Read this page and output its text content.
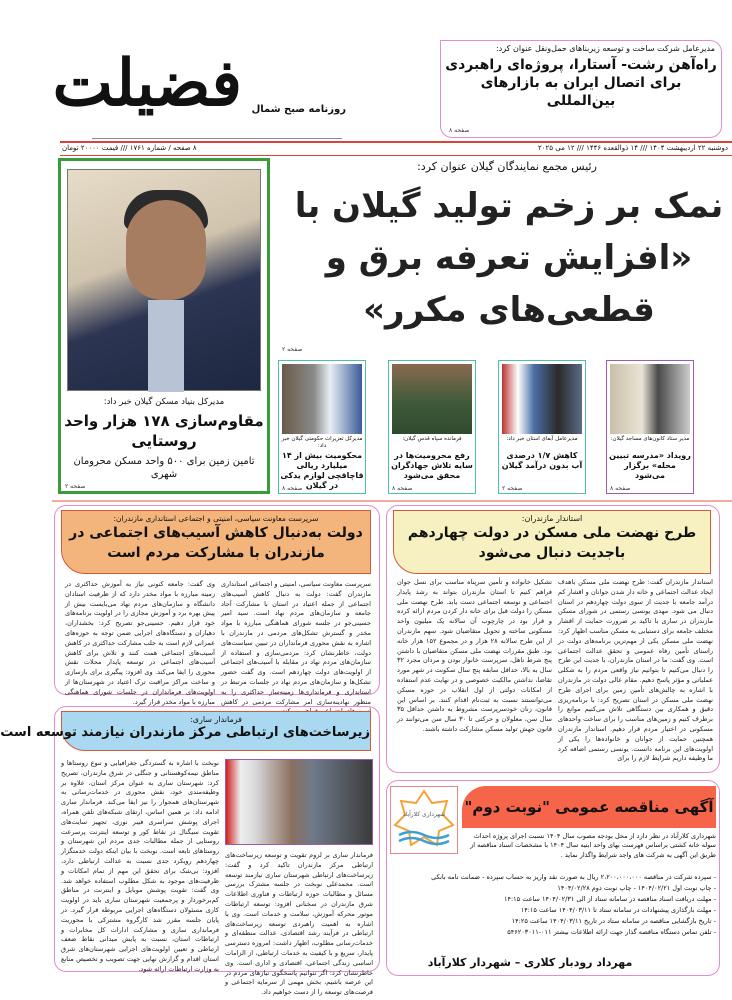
فضیلت روزنامه صبح شمال
مدیرعامل شرکت ساخت و توسعه زیربناهای حمل‌ونقل عنوان کرد:
راه‌آهن رشت- آستارا، پروژه‌ای راهبردی برای اتصال ایران به بازارهای بین‌المللی
صفحه ۸
۸ صفحه / شماره ۱۷۶۱ /// قیمت ۲۰۰۰۰ تومان	دوشنبه ۲۲ اردیبهشت ۱۴۰۴ /// ۱۴ ذوالقعده ۱۴۴۶ /// ۱۲ می ۲۰۲۵
رئیس مجمع نمایندگان گیلان عنوان کرد:
نمک بر زخم تولید گیلان با «افزایش تعرفه برق و قطعی‌های مکرر»
صفحه ۲
مدیرکل بنیاد مسکن گیلان خبر داد:
مقاوم‌سازی ۱۷۸ هزار واحد روستایی
تامین زمین برای ۵۰۰ واحد مسکن محرومان شهری
صفحه ۲
مدیر ستاد کانون‌های مساجد گیلان:
رویداد «مدرسه تبیین محله» برگزار می‌شود
صفحه ۸
مدیرعامل آبفای استان خبر داد:
کاهش ۱/۷ درصدی آب بدون درآمد گیلان
صفحه ۲
فرمانده سپاه قدس گیلان:
رفع محرومیت‌ها در سایه تلاش جهادگران محقق می‌شود
صفحه ۸
مدیرکل تعزیرات حکومتی گیلان خبر داد:
محکومیت بیش از ۱۴ میلیارد ریالی قاچاقچی لوازم یدکی در گیلان
صفحه ۸
استاندار مازندران:
طرح نهضت ملی مسکن در دولت چهاردهم باجدیت دنبال می‌شود
استاندار مازندران گفت: طرح نهضت ملی مسکن باهدف ایجاد عدالت اجتماعی و خانه دار شدن جوانان و اقشار کم درآمد جامعه با جدیت از سوی دولت چهاردهم در استان دنبال می شود. مهدی یونسی رستمی در شورای مسکن مازندران در ساری با تاکید بر ضرورت حمایت از اقشار مختلف جامعه برای دستیابی به مسکن مناسب اظهار کرد: نهضت ملی مسکن یکی از مهم‌ترین برنامه‌های دولت در راستای تأمین رفاه عمومی و تحقق عدالت اجتماعی است. وی گفت: ما در استان مازندران، با جدیت این طرح را دنبال می‌کنیم تا بتوانیم نیاز واقعی مردم را به شکلی عملیاتی و مؤثر پاسخ دهیم. مقام عالی دولت در مازندران با اشاره به چالش‌های تأمین زمین برای اجرای طرح نهضت ملی مسکن در استان تصریح کرد: با برنامه‌ریزی دقیق و همکاری بین دستگاهی تلاش می‌کنیم موانع را برطرف کنیم و زمین‌های مناسب را برای ساخت واحدهای مسکونی در اختیار مردم قرار دهیم. استاندار مازندران همچنین حمایت از جوانان و خانواده‌ها را یکی از اولویت‌های این برنامه دانست. یونسی رستمی اضافه کرد ما وظیفه داریم شرایط لازم را برای
تشکیل خانواده و تأمین سرپناه مناسب برای نسل جوان فراهم کنیم تا استان مازندران بتواند به رشد پایدار اجتماعی و توسعه اجتماعی دست یابد. طرح نهضت ملی مسکن را دولت قبل برای خانه دار کردن مردم ارائه کرده و قرار بود در چارچوب آن سالانه یک میلیون واحد مسکونی ساخته و تحویل متقاضیان شود. سهم مازندران از این طرح سالانه ۲۸ هزار و در مجموع ۱۵۲ هزار خانه بود. طبق مقررات نهضت ملی مسکن متقاضیان با داشتن پنج شرط تاهل، سرپرست خانوار بودن و مردان مجرد ۳۲ سال به بالا، حداقل سابقه پنج سال سکونت در شهر مورد تقاضا، نداشتن مالکیت خصوصی و در نهایت عدم استفاده از امکانات دولتی از اول انقلاب در حوزه مسکن می‌توانستند نسبت به ثبت‌نام اقدام کنند. بر اساس این قانون، زنان خودسرپرست مشروط به داشتن حداقل ۳۵ سال سن، معلولان و حرکتی تا ۳۰ سال سن می‌توانند در قانون جهش تولید مسکن مشارکت داشته باشند.
سرپرست معاونت سیاسی، امنیتی و اجتماعی استانداری مازندران:
دولت به‌دنبال کاهش آسیب‌های اجتماعی در مازندران با مشارکت مردم است
سرپرست معاونت سیاسی، امنیتی و اجتماعی استانداری مازندران گفت: دولت به دنبال کاهش آسیب‌های اجتماعی از جمله اعتیاد در استان با مشارکت آحاد جامعه و سازمان‌های مردم نهاد است. سید امیر حسینی‌جو در جلسه شورای هماهنگی مبارزه با مواد مخدر و گسترش تشکل‌های مردمی در مازندران با اشاره به نقش محوری فرمانداران در تبیین سیاست‌های دولت، خاطرنشان کرد: مردمی‌سازی و استفاده از سازمان‌های مردم نهاد در مقابله با آسیب‌های اجتماعی از اولویت‌های دولت چهاردهم است. وی گفت حضور تشکل‌ها و سازمان‌های مردم نهاد در جلسات مرتبط در استانداری و فرمانداری‌ها زمینه‌ساز حداکثری را به منظور نهادینه‌سازی امر مشارکت مردمی در کاهش
وی گفت: جامعه کنونی نیاز به آموزش حداکثری در زمینه مبارزه با مواد مخدر دارد که از ظرفیت استادان دانشگاه و سازمان‌های مردم نهاد می‌بایست بیش از پیش بهره برد و آموزش مجازی را در اولویت برنامه‌های خود قرار دهیم. حسینی‌جو تصریح کرد: بخشداران، دهیاران و دستگاه‌های اجرایی ضمن توجه به حوزه‌های عمرانی لازم است به جلب مشارکت حداکثری در کاهش آسیب‌های اجتماعی همت کنند و تلاش برای کاهش آسیب‌های اجتماعی در توسعه پایدار محلات نقش محوری را ایفا می‌کند. وی افزود: پیگیری برای بازسازی و ساخت مراکز مراقبت ترک اعتیاد در شهرستان‌ها از اولویت‌های فرمانداران در جلسات شورای هماهنگی مبارزه با مواد مخدر قرار گیرد.
فرماندار ساری:
زیرساخت‌های ارتباطی مرکز مازندران نیازمند توسعه است
فرماندار ساری بر لزوم تقویت و توسعه زیرساخت‌های ارتباطی مرکز مازندران تاکید کرد و گفت: زیرساخت‌های ارتباطی شهرستان ساری نیازمند توسعه است. محمدعلی نوبخت در جلسه مشترک بررسی مسائل و مطالبات حوزه ارتباطات و فناوری اطلاعات شرق مازندران در سخنانی افزود: توسعه ارتباطات موتور محرکه آموزش، سلامت و خدمات است. وی با اشاره به اهمیت راهبردی توسعه زیرساخت‌های ارتباطی در فرآیند رشد اقتصادی، عدالت منطقه‌ای و خدمات‌رسانی مطلوب، اظهار داشت: امروزه دسترسی پایدار، سریع و با کیفیت به خدمات ارتباطی، از الزامات اساسی زندگی اجتماعی، اقتصادی و اداری است. وی خاطرنشان کرد: اگر نتوانیم پاسخگوی نیازهای مردم در این عرصه باشیم، بخش مهمی از سرمایه اجتماعی و فرصت‌های توسعه را از دست خواهیم داد.
نوبخت با اشاره به گستردگی جغرافیایی و تنوع روستاها و مناطق نیمه‌کوهستانی و جنگلی در شرق مازندران، تصریح کرد: شهرستان ساری به عنوان مرکز استان، علاوه بر وظیفه‌مندی خود، نقش محوری در خدمات‌رسانی به شهرستان‌های همجوار را نیز ایفا می‌کند. فرماندار ساری ادامه داد: بر همین اساس، ارتقای شبکه‌های تلفن همراه، اجرای پوشش سراسری فیبر نوری، تجهیز سایت‌های تقویت سیگنال در نقاط کور و توسعه اینترنت پرسرعت روستایی از جمله مطالبات جدی مردم این شهرستان و روستاهای تابعه است. نوبخت با بیان اینکه دولت خدمتگزار چهاردهم رویکرد جدی نسبت به عدالت ارتباطی دارد، افزود: بی‌شک برای تحقق این مهم از تمام امکانات و ظرفیت‌های موجود به شکل مطلوب استفاده خواهد شد. وی گفت: تقویت پوشش موبایل و اینترنت در مناطق کم‌برخوردار و پرجمعیت شهرستان ساری باید در اولویت کاری مسئولان دستگاه‌های اجرایی مربوطه قرار گیرد. در پایان جلسه مقرر شد کارگروه مشترکی با محوریت فرمانداری ساری و مشارکت ادارات کل مخابرات و ارتباطات استان، نسبت به پایش میدانی نقاط ضعف ارتباطی و تعیین اولویت‌های اجرایی شهرستان‌های شرق استان اقدام و گزارش نهایی جهت تصویب و تخصیص منابع به وزارت ارتباطات ارائه شود.
شهرداری کلارآباد	آگهی مناقصه عمومی "نوبت دوم"
شهرداری کلارآباد در نظر دارد از محل بودجه مصوب سال ۱۴۰۴ نسبت اجرای پروژه احداث سوله خانه کشتی براساس فهرست بهای واحد ابنیه سال ۱۴۰۴ با مشخصات اسناد مناقصه از طریق این آگهی به شرکت های واجد شرایط واگذار نماید .
- سپرده شرکت در مناقصه ۲،۲۰۰،۰۰۰،۰۰۰ ریال به صورت نقد واریز به حساب سپرده - ضمانت نامه بانکی
- چاپ نوبت اول ۱۴۰۴/۰۲/۲۱ - چاپ نوبت دوم ۱۴۰۴/۰۲/۲۸
- مهلت دریافت اسناد مناقصه در سامانه ستاد از الی ۱۴۰۴/۰۲/۳۱ ساعت ۱۴:۱۵
- مهلت بارگذاری پیشنهادات در سامانه ستاد تا ۱۴۰۴/۰۳/۱۱ ساعت ۱۴:۱۵
- تاریخ بازگشایی مناقصه در سامانه ستاد در تاریخ ۱۴۰۴/۰۳/۱۱ ساعت ۱۴:۲۵
- تلفن تماس دستگاه مناقصه گذار جهت ارائه اطلاعات بیشتر ۰۱۱-۵۴۶۲۰۳۰۱۱
مهرداد رودبار کلاری – شهردار کلارآباد
